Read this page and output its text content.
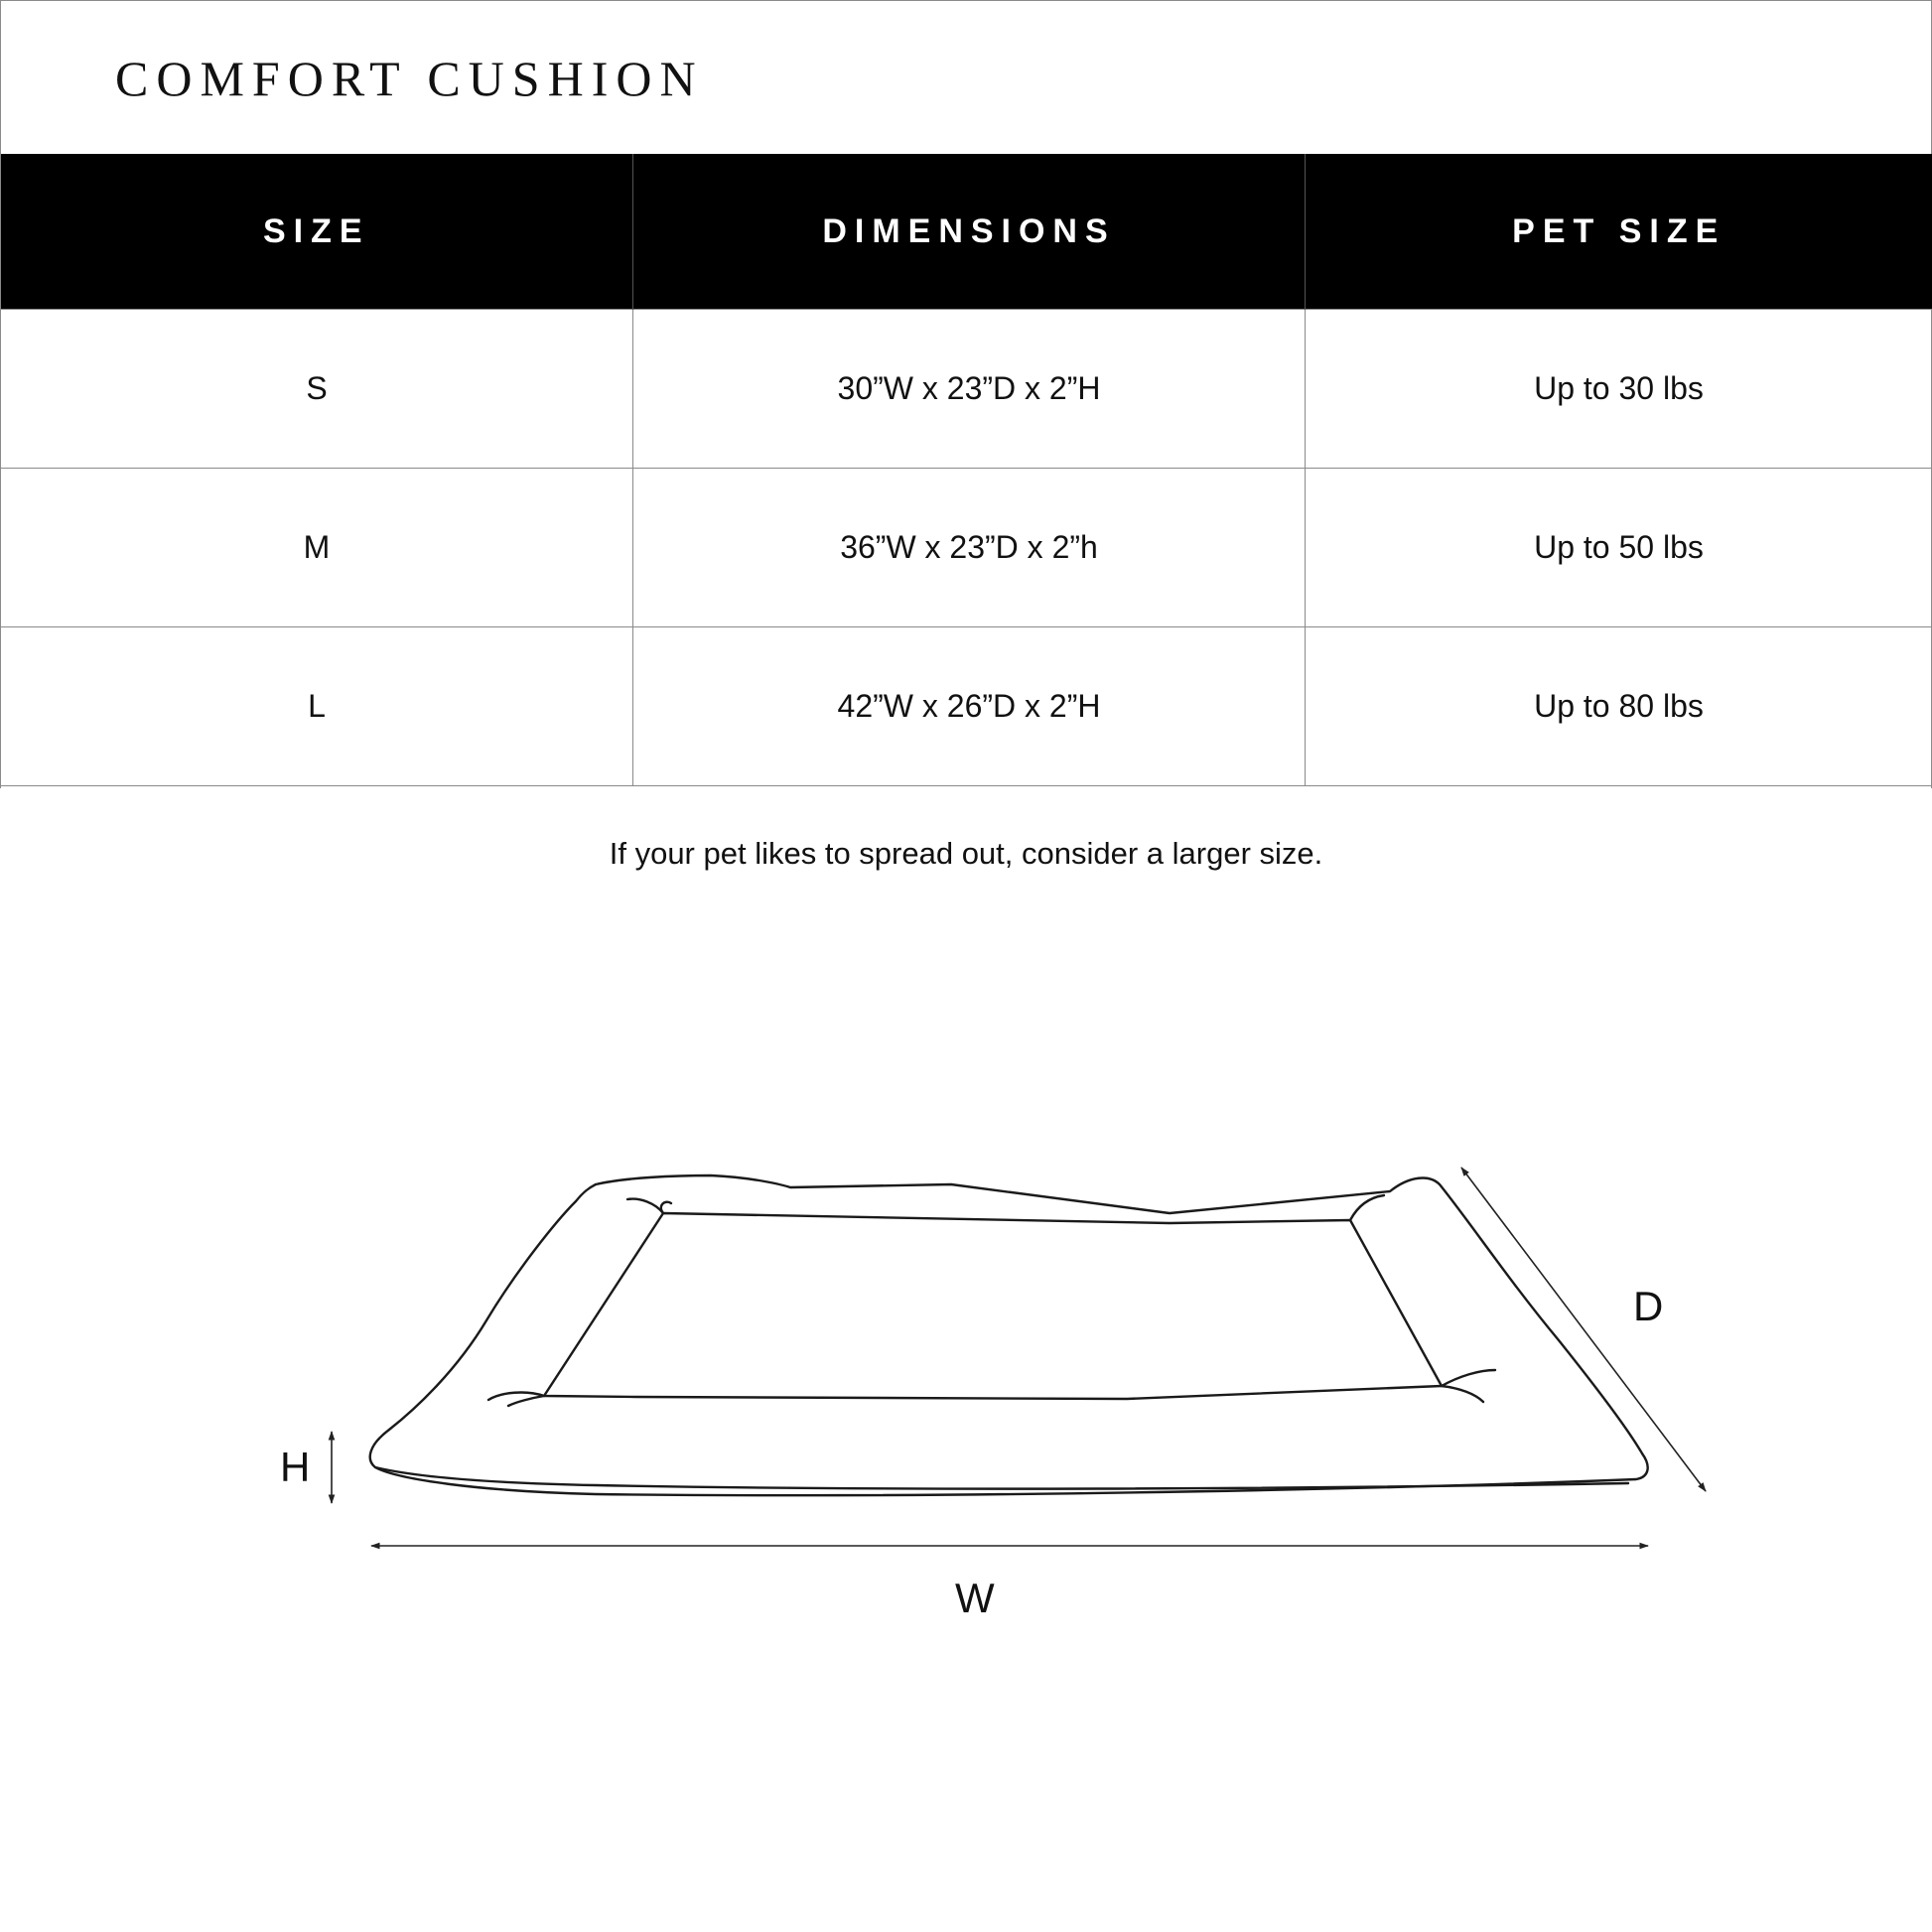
COMFORT CUSHION
SIZE	DIMENSIONS	PET SIZE
S	30”W x 23”D x 2”H	Up to 30 lbs
M	36”W x 23”D x 2”h	Up to 50 lbs
L	42”W x 26”D x 2”H	Up to 80 lbs
If your pet likes to spread out, consider a larger size.
W
D
H
